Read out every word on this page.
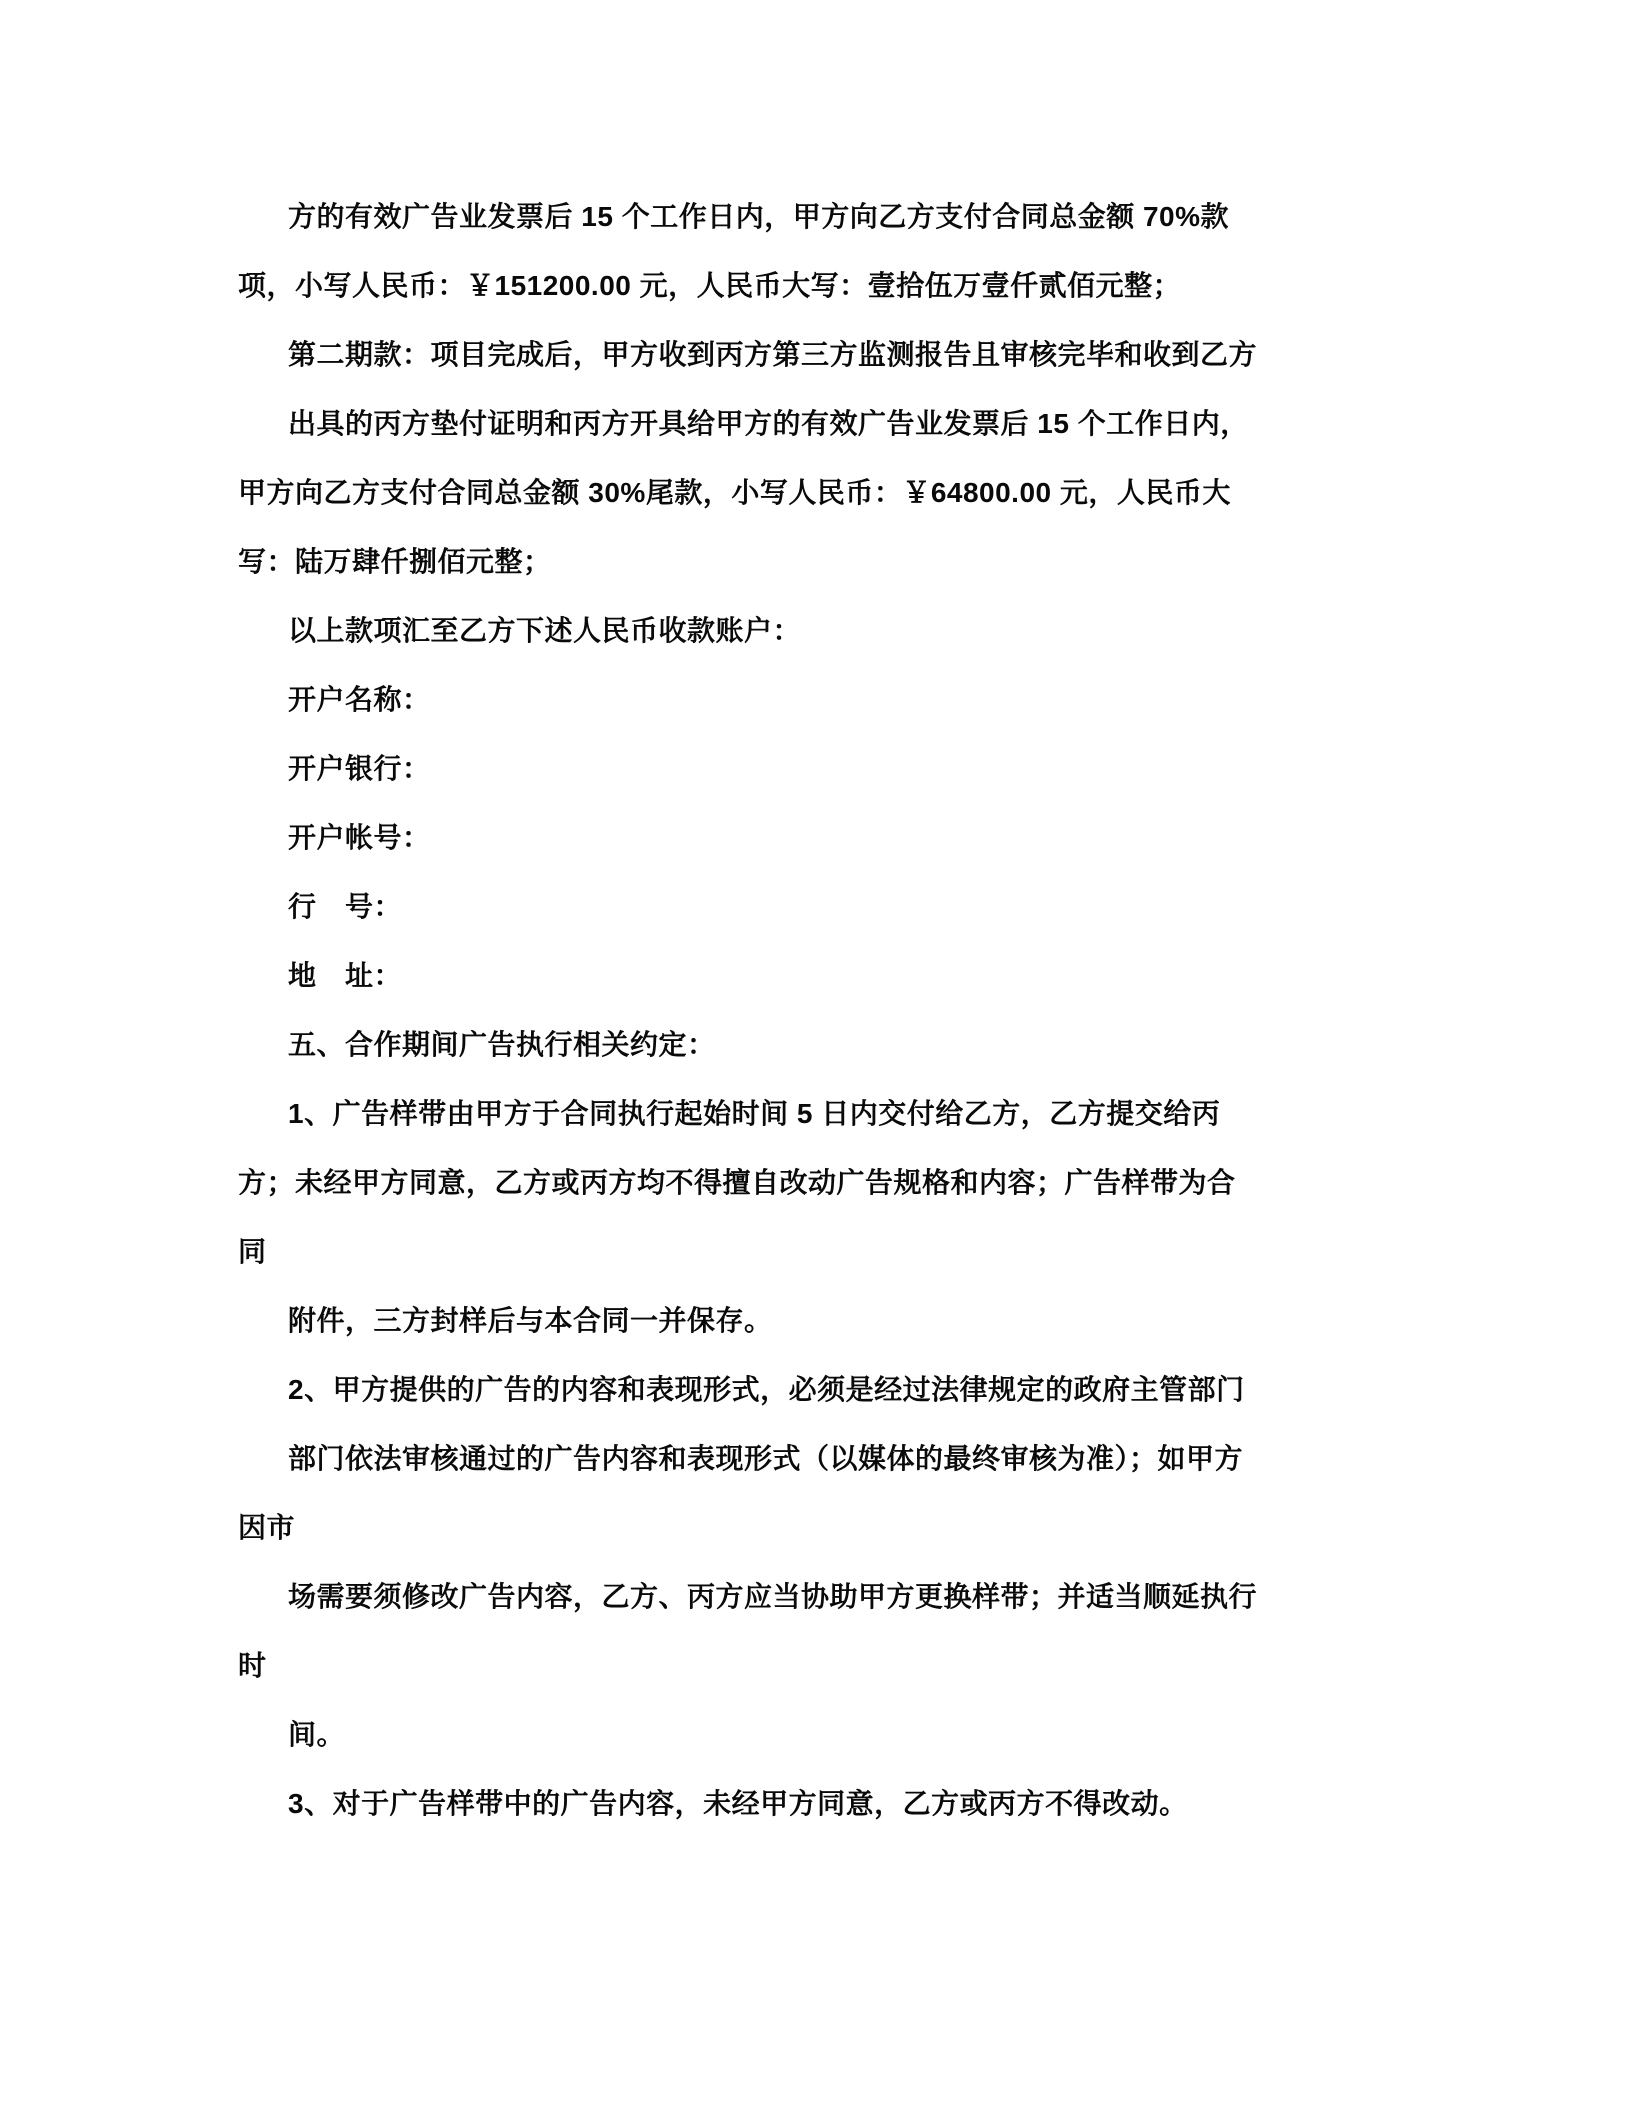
方的有效广告业发票后 15 个工作日内，甲方向乙方支付合同总金额 70%款
项，小写人民币：￥151200.00 元，人民币大写：壹拾伍万壹仟贰佰元整；
第二期款：项目完成后，甲方收到丙方第三方监测报告且审核完毕和收到乙方
出具的丙方垫付证明和丙方开具给甲方的有效广告业发票后 15 个工作日内，
甲方向乙方支付合同总金额 30%尾款，小写人民币：￥64800.00 元，人民币大
写：陆万肆仟捌佰元整；
以上款项汇至乙方下述人民币收款账户：
开户名称：
开户银行：
开户帐号：
行　号：
地　址：
五、合作期间广告执行相关约定：
1、广告样带由甲方于合同执行起始时间 5 日内交付给乙方，乙方提交给丙
方；未经甲方同意，乙方或丙方均不得擅自改动广告规格和内容；广告样带为合
同
附件，三方封样后与本合同一并保存。
2、甲方提供的广告的内容和表现形式，必须是经过法律规定的政府主管部门
部门依法审核通过的广告内容和表现形式（以媒体的最终审核为准）；如甲方
因市
场需要须修改广告内容，乙方、丙方应当协助甲方更换样带；并适当顺延执行
时
间。
3、对于广告样带中的广告内容，未经甲方同意，乙方或丙方不得改动。
